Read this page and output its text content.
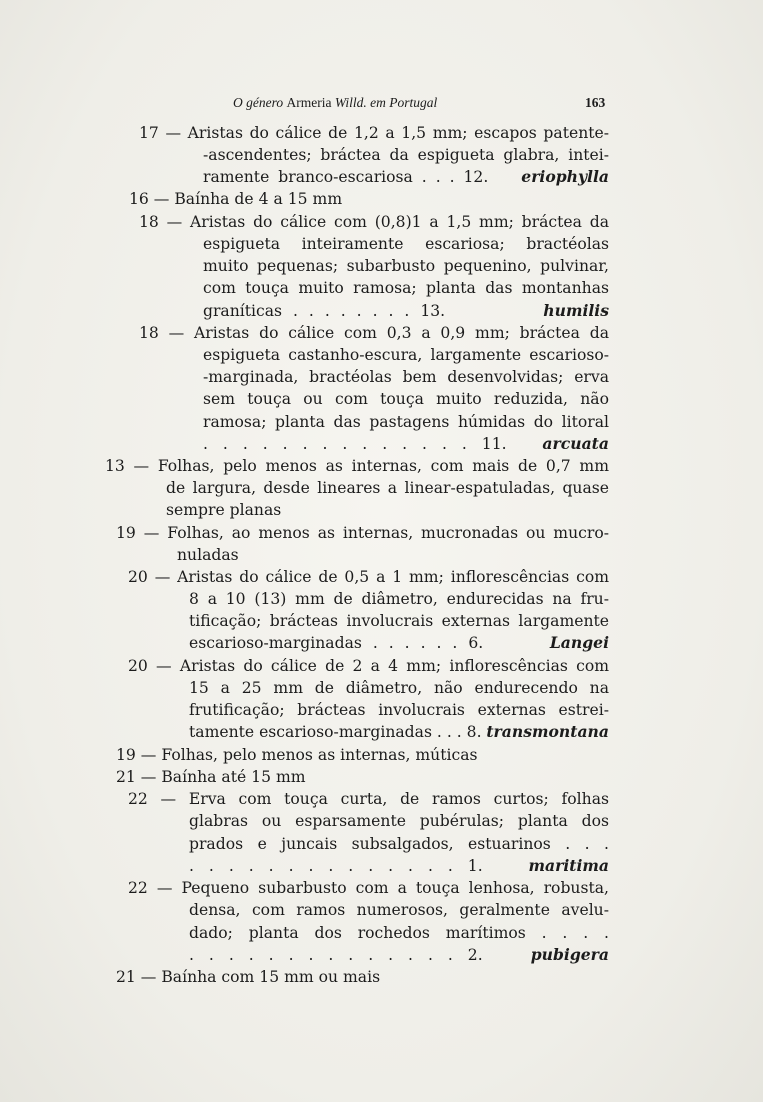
O género Armeria Willd. em Portugal	163
17 — Aristas do cálice de 1,2 a 1,5 mm; escapos patente-
-ascendentes; bráctea da espigueta glabra, intei-
ramente branco-escariosa . . . 12. eriophylla
16 — Baínha de 4 a 15 mm
18 — Aristas do cálice com (0,8)1 a 1,5 mm; bráctea da
espigueta inteiramente escariosa; bractéolas
muito pequenas; subarbusto pequenino, pulvinar,
com touça muito ramosa; planta das montanhas
graníticas . . . . . . . . 13.	humilis
18 — Aristas do cálice com 0,3 a 0,9 mm; bráctea da
espigueta castanho-escura, largamente escarioso-
-marginada, bractéolas bem desenvolvidas; erva
sem touça ou com touça muito reduzida, não
ramosa; planta das pastagens húmidas do litoral
. . . . . . . . . . . . . . 11. arcuata
13 — Folhas, pelo menos as internas, com mais de 0,7 mm
de largura, desde lineares a linear-espatuladas, quase
sempre planas
19 — Folhas, ao menos as internas, mucronadas ou mucro-
nuladas
20 — Aristas do cálice de 0,5 a 1 mm; inflorescências com
8 a 10 (13) mm de diâmetro, endurecidas na fru-
tificação; brácteas involucrais externas largamente
escarioso-marginadas . . . . . . 6.	Langei
20 — Aristas do cálice de 2 a 4 mm; inflorescências com
15 a 25 mm de diâmetro, não endurecendo na
frutificação; brácteas involucrais externas estrei-
tamente escarioso-marginadas . . . 8. transmontana
19 — Folhas, pelo menos as internas, múticas
21 — Baínha até 15 mm
22 — Erva com touça curta, de ramos curtos; folhas
glabras ou esparsamente pubérulas; planta dos
prados e juncais subsalgados, estuarinos . . .
. . . . . . . . . . . . . . 1.	maritima
22 — Pequeno subarbusto com a touça lenhosa, robusta,
densa, com ramos numerosos, geralmente avelu-
dado; planta dos rochedos marítimos . . . .
. . . . . . . . . . . . . . 2.	pubigera
21 — Baínha com 15 mm ou mais
